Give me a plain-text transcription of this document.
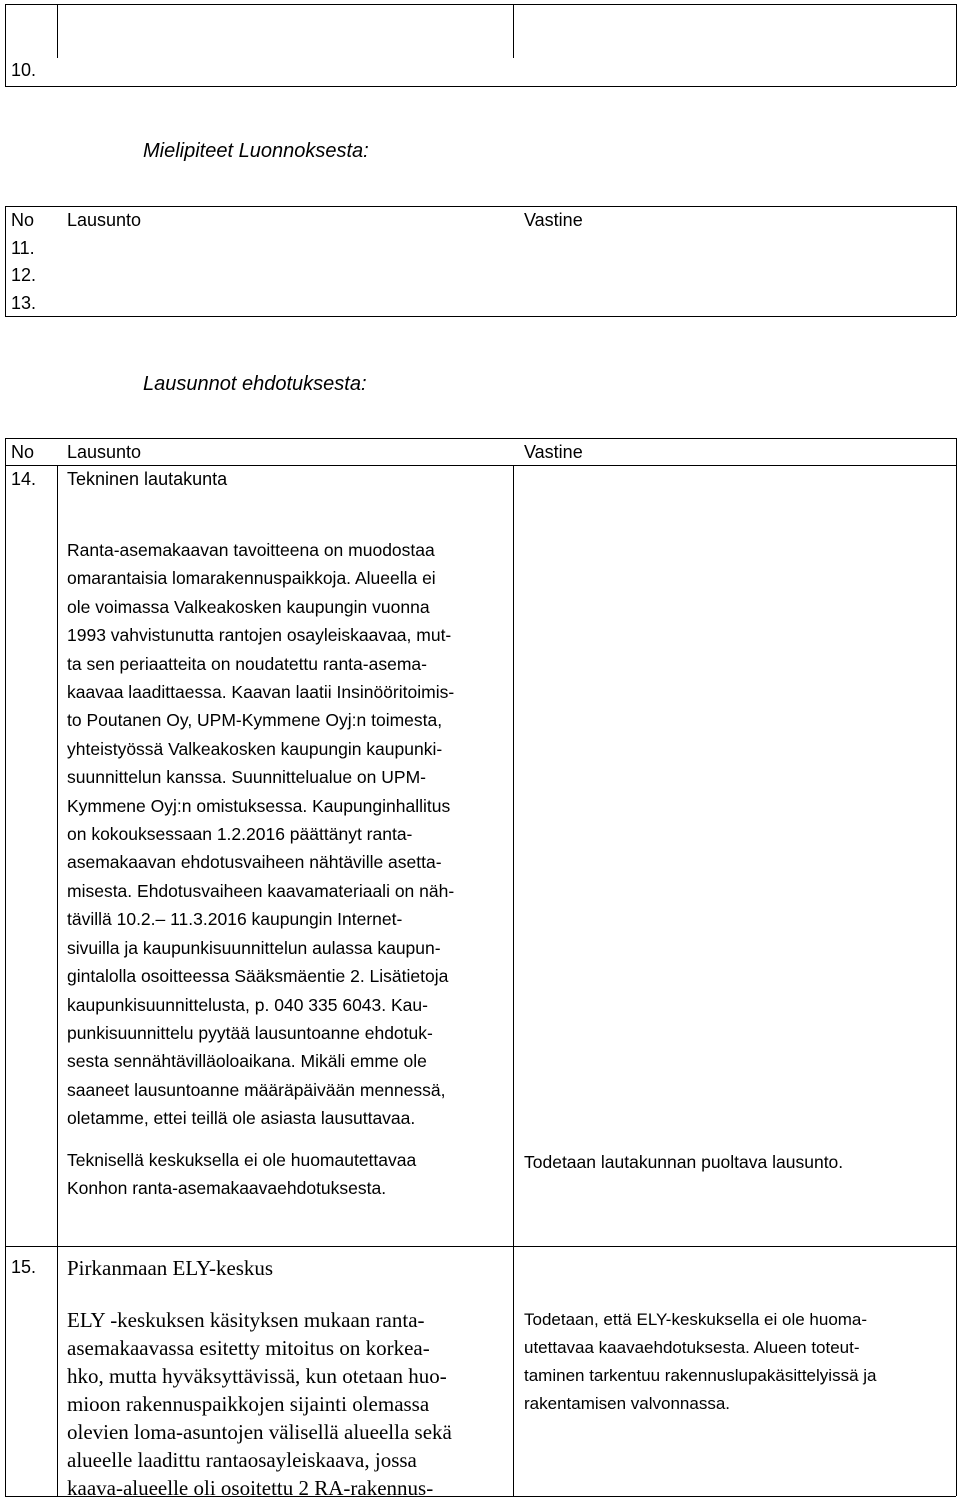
10.
Mielipiteet Luonnoksesta:
No Lausunto	Vastine
11.
12.
13.
Lausunnot ehdotuksesta:
No Lausunto	Vastine
14. Tekninen lautakunta
Ranta-asemakaavan tavoitteena on muodostaa
omarantaisia lomarakennuspaikkoja. Alueella ei
ole voimassa Valkeakosken kaupungin vuonna
1993 vahvistunutta rantojen osayleiskaavaa, mut-
ta sen periaatteita on noudatettu ranta-asema-
kaavaa laadittaessa. Kaavan laatii Insinööritoimis-
to Poutanen Oy, UPM-Kymmene Oyj:n toimesta,
yhteistyössä Valkeakosken kaupungin kaupunki-
suunnittelun kanssa. Suunnittelualue on UPM-
Kymmene Oyj:n omistuksessa. Kaupunginhallitus
on kokouksessaan 1.2.2016 päättänyt ranta-
asemakaavan ehdotusvaiheen nähtäville asetta-
misesta. Ehdotusvaiheen kaavamateriaali on näh-
tävillä 10.2.– 11.3.2016 kaupungin Internet-
sivuilla ja kaupunkisuunnittelun aulassa kaupun-
gintalolla osoitteessa Sääksmäentie 2. Lisätietoja
kaupunkisuunnittelusta, p. 040 335 6043. Kau-
punkisuunnittelu pyytää lausuntoanne ehdotuk-
sesta sennähtävilläoloaikana. Mikäli emme ole
saaneet lausuntoanne määräpäivään mennessä,
oletamme, ettei teillä ole asiasta lausuttavaa.
Teknisellä keskuksella ei ole huomautettavaa
Konhon ranta-asemakaavaehdotuksesta.
Todetaan lautakunnan puoltava lausunto.
15. Pirkanmaan ELY-keskus
ELY -keskuksen käsityksen mukaan ranta-
asemakaavassa esitetty mitoitus on korkea-
hko, mutta hyväksyttävissä, kun otetaan huo-
mioon rakennuspaikkojen sijainti olemassa
olevien loma-asuntojen välisellä alueella sekä
alueelle laadittu rantaosayleiskaava, jossa
kaava-alueelle oli osoitettu 2 RA-rakennus-
Todetaan, että ELY-keskuksella ei ole huoma-
utettavaa kaavaehdotuksesta. Alueen toteut-
taminen tarkentuu rakennuslupakäsittelyissä ja
rakentamisen valvonnassa.
